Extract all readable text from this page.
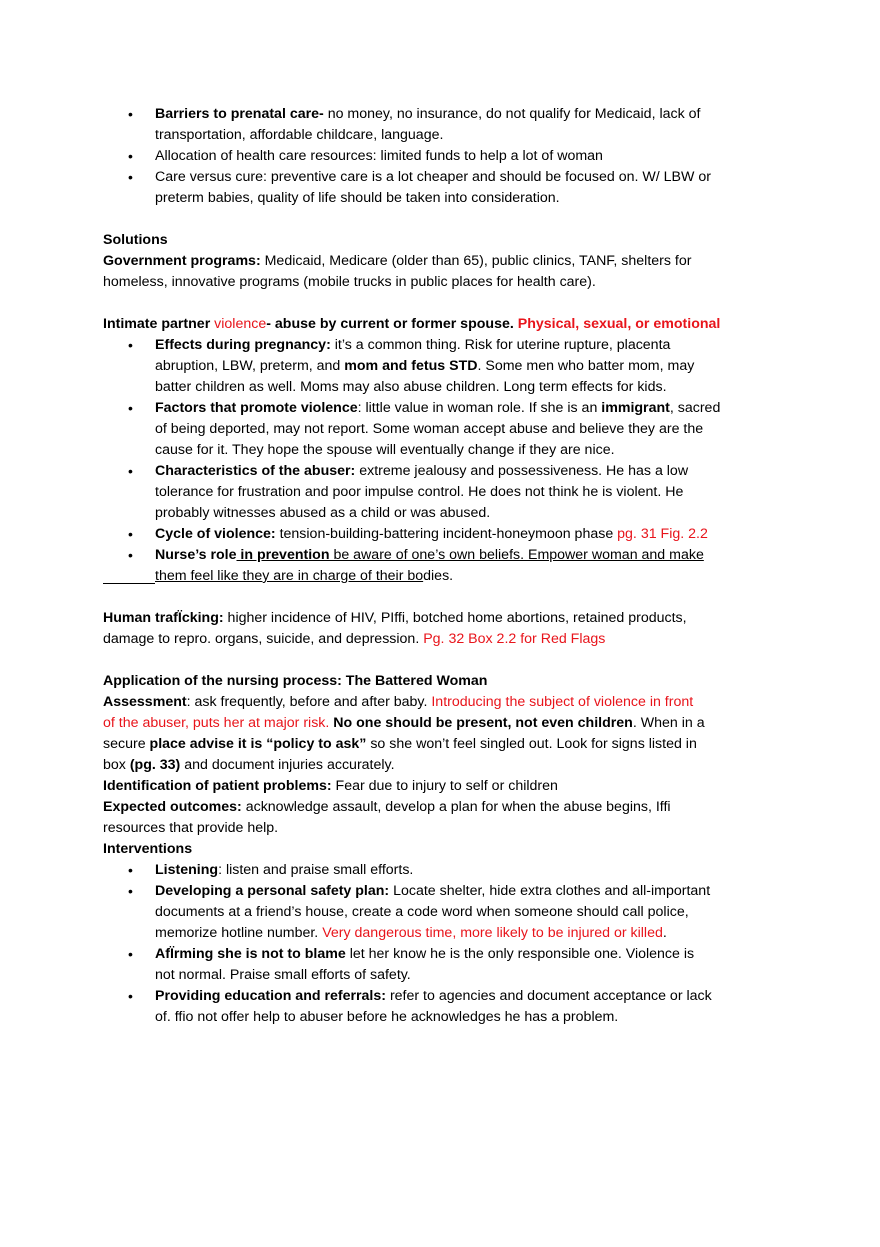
• Barriers to prenatal care- no money, no insurance, do not qualify for Medicaid, lack of
transportation, affordable childcare, language.
• Allocation of health care resources: limited funds to help a lot of woman
• Care versus cure: preventive care is a lot cheaper and should be focused on. W/ LBW or
preterm babies, quality of life should be taken into consideration.
Solutions
Government programs: Medicaid, Medicare (older than 65), public clinics, TANF, shelters for
homeless, innovative programs (mobile trucks in public places for health care).
Intimate partner violence- abuse by current or former spouse. Physical, sexual, or emotional
• Effects during pregnancy: it’s a common thing. Risk for uterine rupture, placenta
abruption, LBW, preterm, and mom and fetus STD. Some men who batter mom, may
batter children as well. Moms may also abuse children. Long term effects for kids.
• Factors that promote violence: little value in woman role. If she is an immigrant, sacred
of being deported, may not report. Some woman accept abuse and believe they are the
cause for it. They hope the spouse will eventually change if they are nice.
• Characteristics of the abuser: extreme jealousy and possessiveness. He has a low
tolerance for frustration and poor impulse control. He does not think he is violent. He
probably witnesses abused as a child or was abused.
• Cycle of violence: tension-building-battering incident-honeymoon phase pg. 31 Fig. 2.2
• Nurse’s role in prevention be aware of one’s own beliefs. Empower woman and make
them feel like they are in charge of their bodies.
Human trafÏcking: higher incidence of HIV, PIffi, botched home abortions, retained products,
damage to repro. organs, suicide, and depression. Pg. 32 Box 2.2 for Red Flags
Application of the nursing process: The Battered Woman
Assessment: ask frequently, before and after baby. Introducing the subject of violence in front
of the abuser, puts her at major risk. No one should be present, not even children. When in a
secure place advise it is “policy to ask” so she won’t feel singled out. Look for signs listed in
box (pg. 33) and document injuries accurately.
Identification of patient problems: Fear due to injury to self or children
Expected outcomes: acknowledge assault, develop a plan for when the abuse begins, Iffi
resources that provide help.
Interventions
• Listening: listen and praise small efforts.
• Developing a personal safety plan: Locate shelter, hide extra clothes and all-important
documents at a friend’s house, create a code word when someone should call police,
memorize hotline number. Very dangerous time, more likely to be injured or killed.
• AfÏrming she is not to blame let her know he is the only responsible one. Violence is
not normal. Praise small efforts of safety.
• Providing education and referrals: refer to agencies and document acceptance or lack
of. ffio not offer help to abuser before he acknowledges he has a problem.
